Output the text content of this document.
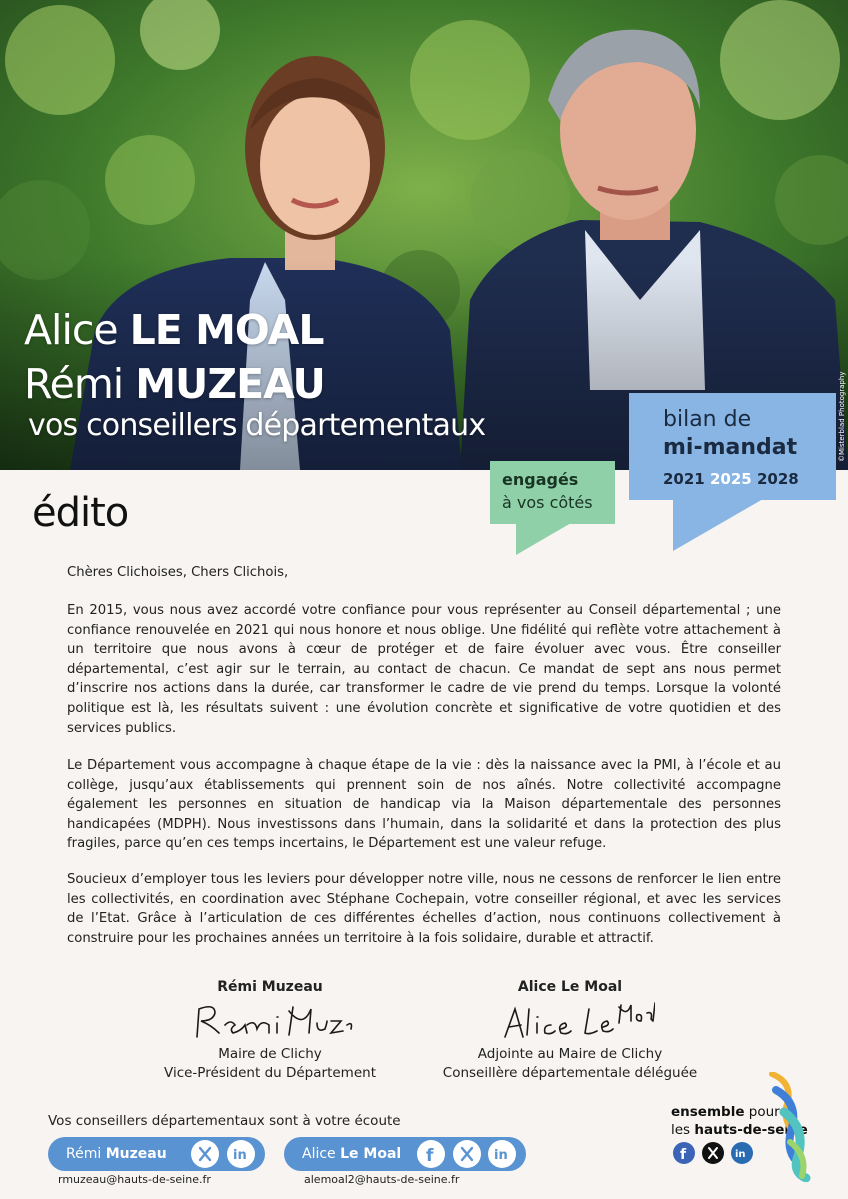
Alice LE MOAL
Rémi MUZEAU
vos conseillers départementaux	©Misterblad Photography
bilan de
mi-mandat
2021 2025 2028
engagés
à vos côtés
édito

Chères Clichoises, Chers Clichois,

En 2015, vous nous avez accordé votre confiance pour vous représenter au Conseil départemental ; une confiance renouvelée en 2021 qui nous honore et nous oblige. Une fidélité qui reflète votre attachement à un territoire que nous avons à cœur de protéger et de faire évoluer avec vous. Être conseiller départemental, c’est agir sur le terrain, au contact de chacun. Ce mandat de sept ans nous permet d’inscrire nos actions dans la durée, car transformer le cadre de vie prend du temps. Lorsque la volonté politique est là, les résultats suivent : une évolution concrète et significative de votre quotidien et des services publics.

Le Département vous accompagne à chaque étape de la vie : dès la naissance avec la PMI, à l’école et au collège, jusqu’aux établissements qui prennent soin de nos aînés. Notre collectivité accompagne également les personnes en situation de handicap via la Maison départementale des personnes handicapées (MDPH). Nous investissons dans l’humain, dans la solidarité et dans la protection des plus fragiles, parce qu’en ces temps incertains, le Département est une valeur refuge.

Soucieux d’employer tous les leviers pour développer notre ville, nous ne cessons de renforcer le lien entre les collectivités, en coordination avec Stéphane Cochepain, votre conseiller régional, et avec les services de l’Etat. Grâce à l’articulation de ces différentes échelles d’action, nous continuons collectivement à construire pour les prochaines années un territoire à la fois solidaire, durable et attractif.

Rémi Muzeau
Maire de Clichy
Vice-Président du Département
Alice Le Moal
Adjointe au Maire de Clichy
Conseillère départementale déléguée
Vos conseillers départementaux sont à votre écoute
Rémi Muzeau	in	Alice Le Moal f	in
rmuzeau@hauts-de-seine.fr	alemoal2@hauts-de-seine.fr
ensemble pour
les hauts-de-seine
f	in
